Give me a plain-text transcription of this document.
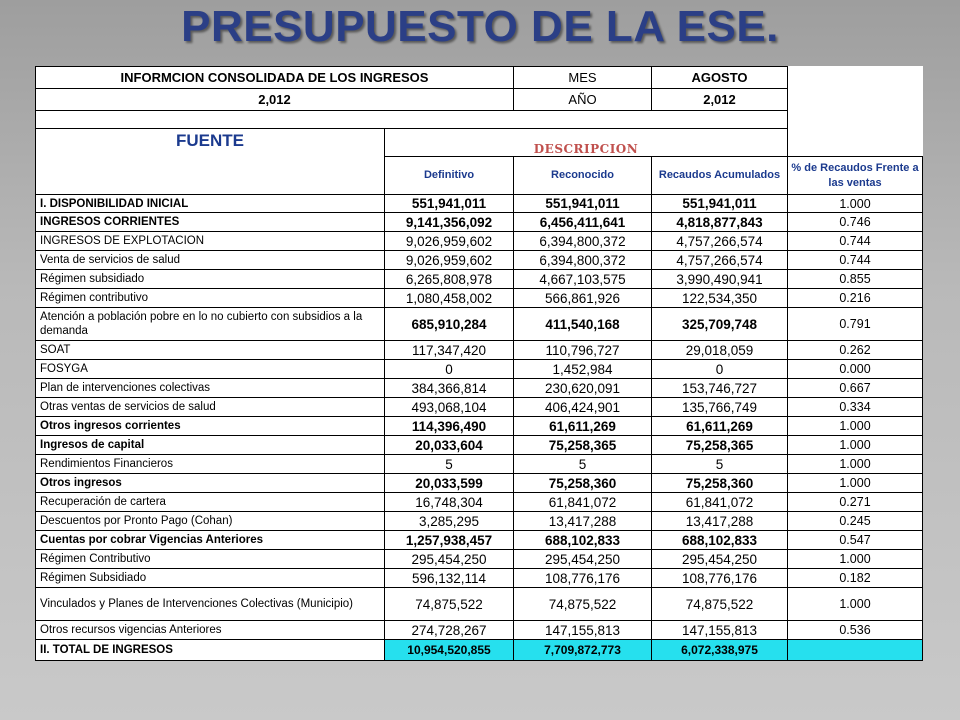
PRESUPUESTO DE LA ESE.
INFORMCION CONSOLIDADA DE LOS INGRESOS		MES	AGOSTO	
2,012		AÑO	2,012	

FUENTE	DESCRIPCION			
	Definitivo	Reconocido	Recaudos Acumulados	% de Recaudos Frente a las ventas
I. DISPONIBILIDAD INICIAL	551,941,011	551,941,011	551,941,011	1.000
INGRESOS CORRIENTES	9,141,356,092	6,456,411,641	4,818,877,843	0.746
INGRESOS DE EXPLOTACION	9,026,959,602	6,394,800,372	4,757,266,574	0.744
Venta de servicios de salud	9,026,959,602	6,394,800,372	4,757,266,574	0.744
Régimen subsidiado	6,265,808,978	4,667,103,575	3,990,490,941	0.855
Régimen contributivo	1,080,458,002	566,861,926	122,534,350	0.216
Atención a población pobre en lo no cubierto con subsidios a la demanda	685,910,284	411,540,168	325,709,748	0.791
SOAT	117,347,420	110,796,727	29,018,059	0.262
FOSYGA	0	1,452,984	0	0.000
Plan de intervenciones colectivas	384,366,814	230,620,091	153,746,727	0.667
Otras ventas de servicios de salud	493,068,104	406,424,901	135,766,749	0.334
Otros ingresos corrientes	114,396,490	61,611,269	61,611,269	1.000
Ingresos de capital	20,033,604	75,258,365	75,258,365	1.000
Rendimientos Financieros	5	5	5	1.000
Otros ingresos	20,033,599	75,258,360	75,258,360	1.000
Recuperación de cartera	16,748,304	61,841,072	61,841,072	0.271
Descuentos por Pronto Pago (Cohan)	3,285,295	13,417,288	13,417,288	0.245
Cuentas por cobrar Vigencias Anteriores	1,257,938,457	688,102,833	688,102,833	0.547
Régimen Contributivo	295,454,250	295,454,250	295,454,250	1.000
Régimen Subsidiado	596,132,114	108,776,176	108,776,176	0.182
Vinculados y Planes de Intervenciones Colectivas (Municipio)	74,875,522	74,875,522	74,875,522	1.000
Otros recursos vigencias Anteriores	274,728,267	147,155,813	147,155,813	0.536
II. TOTAL DE INGRESOS	10,954,520,855	7,709,872,773	6,072,338,975	
